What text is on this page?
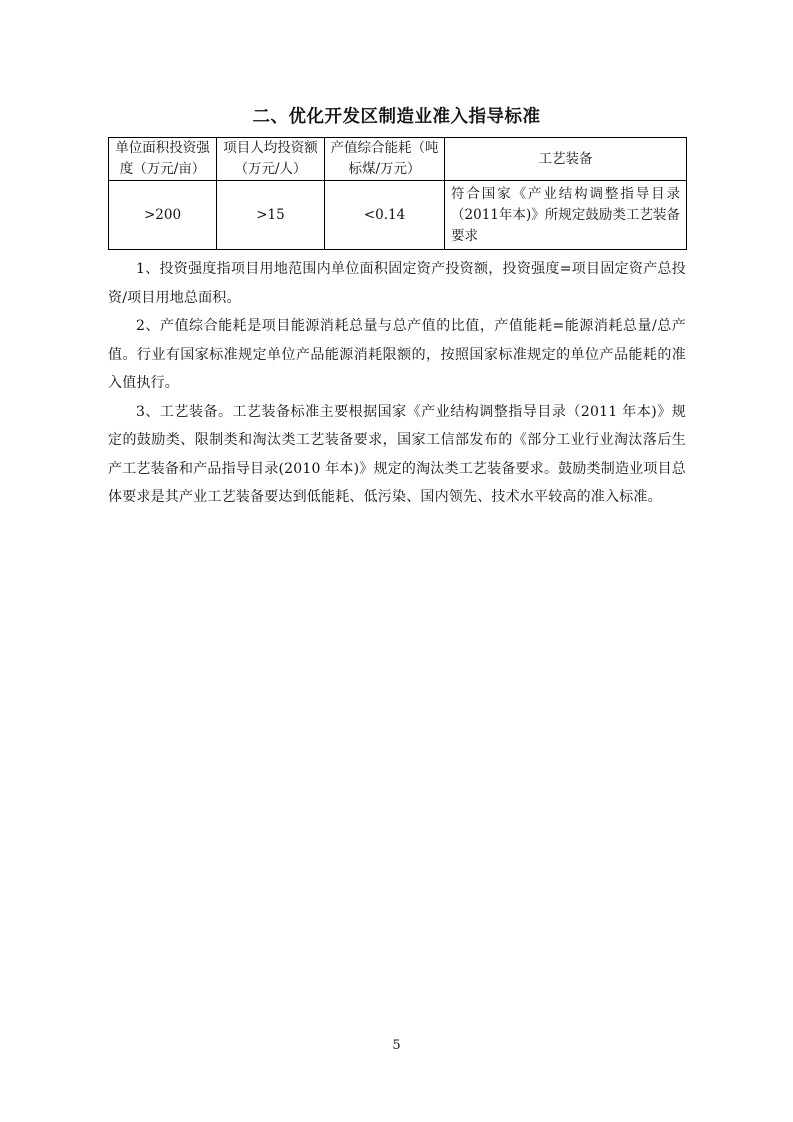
二、优化开发区制造业准入指导标准
单位面积投资强度（万元/亩）	项目人均投资额（万元/人）	产值综合能耗（吨标煤/万元）	工艺装备
>200	>15	<0.14	符合国家《产业结构调整指导目录（2011年本)》所规定鼓励类工艺装备要求

1、投资强度指项目用地范围内单位面积固定资产投资额，投资强度=项目固定资产总投资/项目用地总面积。

2、产值综合能耗是项目能源消耗总量与总产值的比值，产值能耗=能源消耗总量/总产值。行业有国家标准规定单位产品能源消耗限额的，按照国家标准规定的单位产品能耗的准入值执行。

3、工艺装备。工艺装备标准主要根据国家《产业结构调整指导目录（2011 年本)》规定的鼓励类、限制类和淘汰类工艺装备要求，国家工信部发布的《部分工业行业淘汰落后生产工艺装备和产品指导目录(2010 年本)》规定的淘汰类工艺装备要求。鼓励类制造业项目总体要求是其产业工艺装备要达到低能耗、低污染、国内领先、技术水平较高的准入标准。

5
